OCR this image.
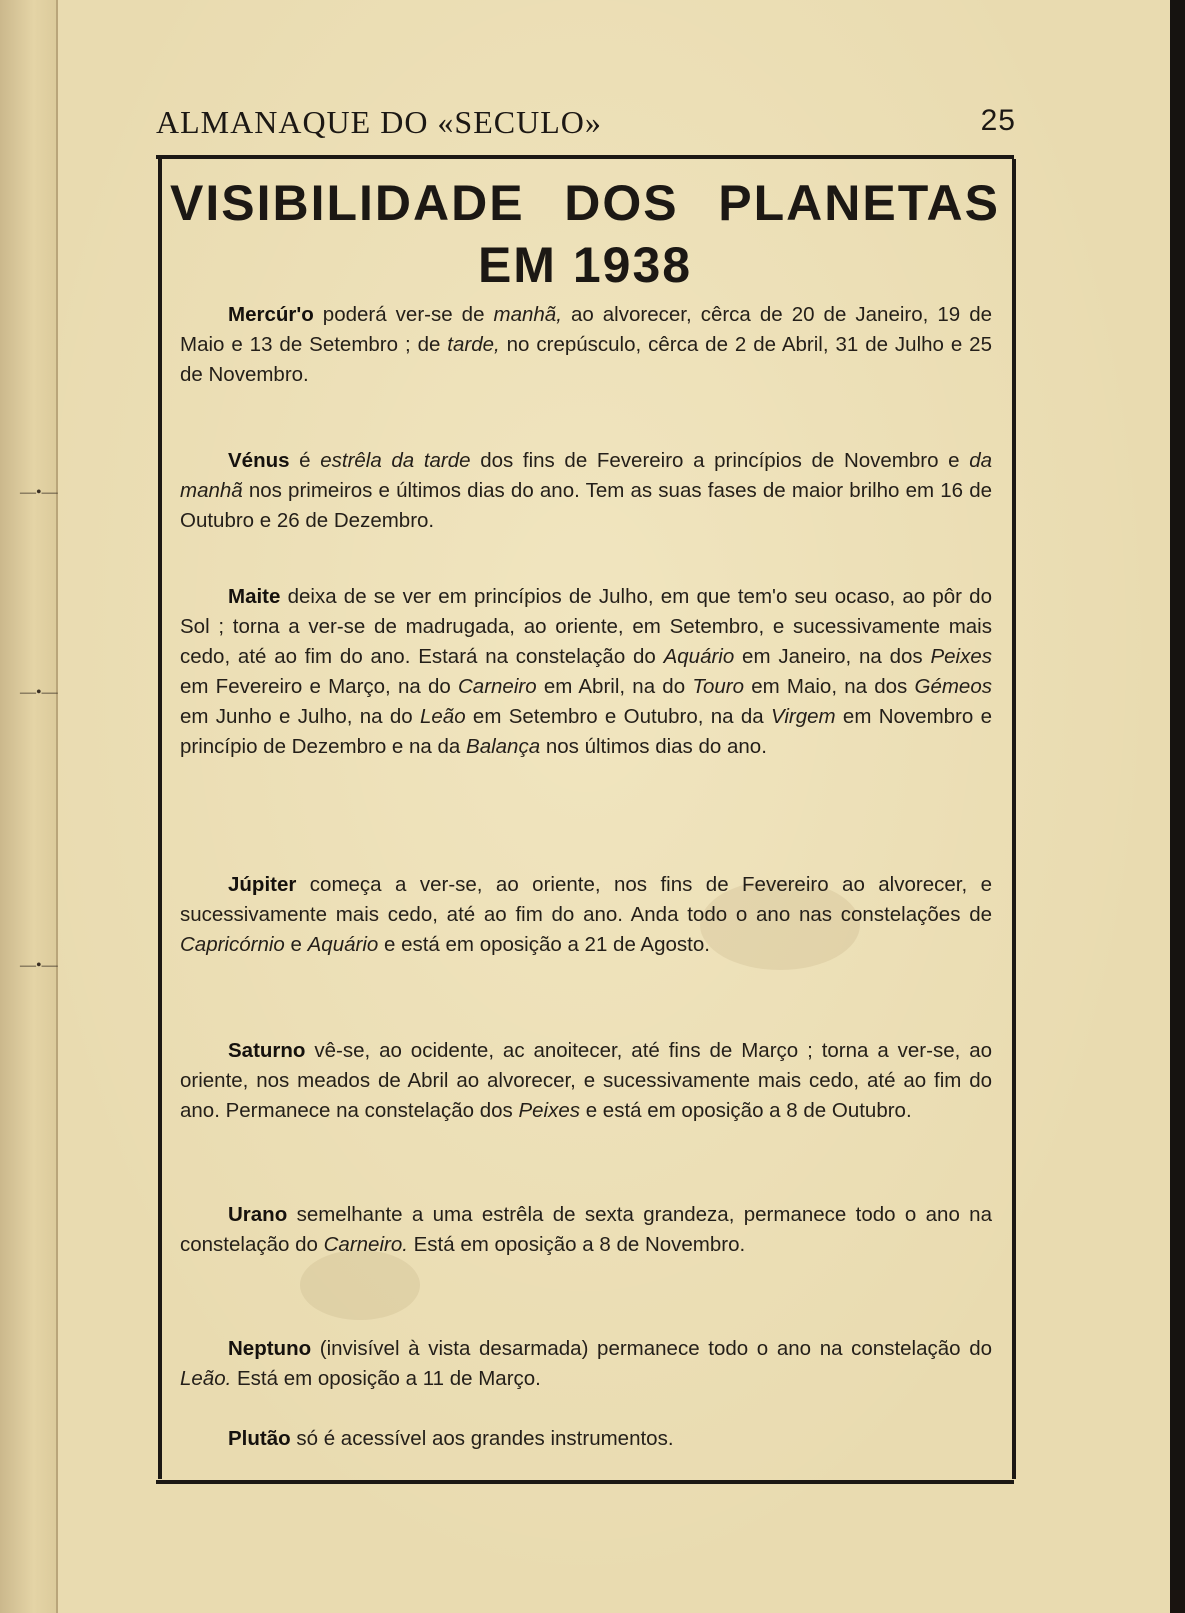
—•—
—•—
—•—
ALMANAQUE DO «SECULO»	25
VISIBILIDADE DOS PLANETAS
EM 1938

Mercúr'o poderá ver-se de manhã, ao alvorecer, cêrca de 20 de Janeiro, 19 de Maio e 13 de Setembro ; de tarde, no crepúsculo, cêrca de 2 de Abril, 31 de Julho e 25 de Novembro.

Vénus é estrêla da tarde dos fins de Fevereiro a princípios de Novembro e da manhã nos primeiros e últimos dias do ano. Tem as suas fases de maior brilho em 16 de Outubro e 26 de Dezembro.

Maite deixa de se ver em princípios de Julho, em que tem'o seu ocaso, ao pôr do Sol ; torna a ver-se de madrugada, ao oriente, em Setembro, e sucessivamente mais cedo, até ao fim do ano. Estará na constelação do Aquário em Janeiro, na dos Peixes em Fevereiro e Março, na do Carneiro em Abril, na do Touro em Maio, na dos Gémeos em Junho e Julho, na do Leão em Setembro e Outubro, na da Virgem em Novembro e princípio de Dezembro e na da Balança nos últimos dias do ano.

Júpiter começa a ver-se, ao oriente, nos fins de Fevereiro ao alvorecer, e sucessivamente mais cedo, até ao fim do ano. Anda todo o ano nas constelações de Capricórnio e Aquário e está em oposição a 21 de Agosto.

Saturno vê-se, ao ocidente, ac anoitecer, até fins de Março ; torna a ver-se, ao oriente, nos meados de Abril ao alvorecer, e sucessivamente mais cedo, até ao fim do ano. Permanece na constelação dos Peixes e está em oposição a 8 de Outubro.

Urano semelhante a uma estrêla de sexta grandeza, permanece todo o ano na constelação do Carneiro. Está em oposição a 8 de Novembro.

Neptuno (invisível à vista desarmada) permanece todo o ano na constelação do Leão. Está em oposição a 11 de Março.

Plutão só é acessível aos grandes instrumentos.
